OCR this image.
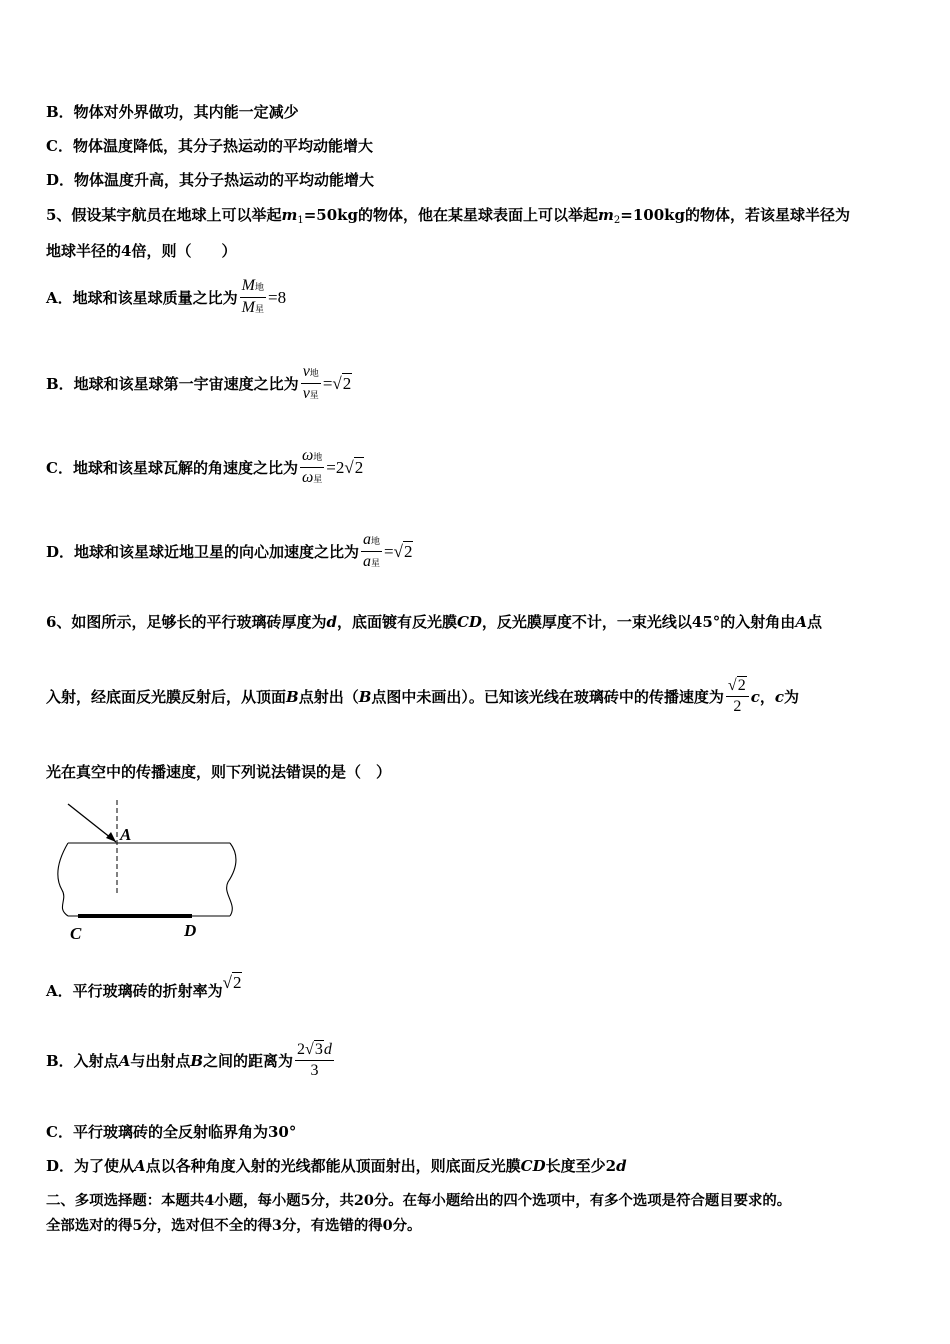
B．物体对外界做功，其内能一定减少
C．物体温度降低，其分子热运动的平均动能增大
D．物体温度升高，其分子热运动的平均动能增大
5、假设某宇航员在地球上可以举起$m_1=50kg$的物体，他在某星球表面上可以举起$m_2=100kg$的物体，若该星球半径为
地球半径的4倍，则（　　）
A．地球和该星球质量之比为 $\frac{\text{M地}}{\text{M星}} =8$
B．地球和该星球第一宇宙速度之比为 $\frac{\text{v地}}{\text{v星}} = √2$
C．地球和该星球瓦解的角速度之比为 $\frac{\text{ω地}}{\text{ω星}} =2$ √2
D．地球和该星球近地卫星的向心加速度之比为 $\frac{\text{a地}}{\text{a星}} = √2$
6、如图所示，足够长的平行玻璃砖厚度为d，底面镀有反光膜CD，反光膜厚度不计，一束光线以45°的入射角由A点
入射，经底面反光膜反射后，从顶面 B 点射出（ B 点图中未画出）。已知该光线在玻璃砖中的传播速度为 $\frac{√2}{2}$ c ， c 为
光在真空中的传播速度，则下列说法错误的是（　）
A
C	D
A．平行玻璃砖的折射率为 √2
B．入射点 A 与出射点 B 之间的距离为 $\frac{2√3d}{3}$
C．平行玻璃砖的全反射临界角为30°
D．为了使从A点以各种角度入射的光线都能从顶面射出，则底面反光膜CD长度至少2d
二、多项选择题：本题共4小题，每小题5分，共20分。在每小题给出的四个选项中，有多个选项是符合题目要求的。
全部选对的得5分，选对但不全的得3分，有选错的得0分。
